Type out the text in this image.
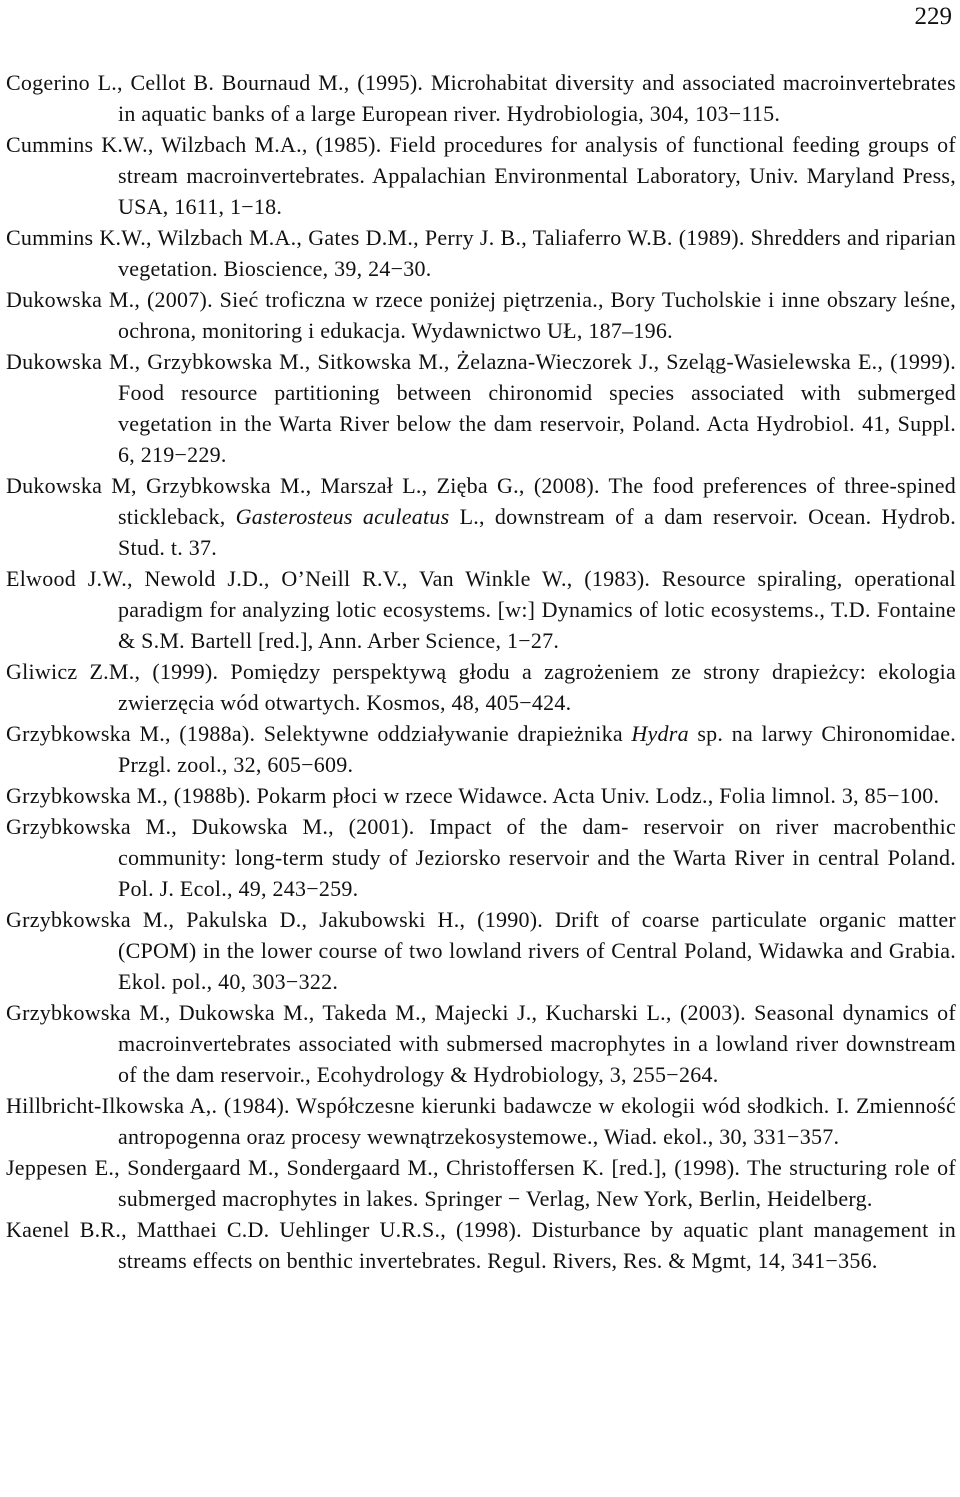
229
Cogerino L., Cellot B. Bournaud M., (1995). Microhabitat diversity and associated macroinvertebrates in aquatic banks of a large European river. Hydrobiologia, 304, 103−115.
Cummins K.W., Wilzbach M.A., (1985). Field procedures for analysis of functional feeding groups of stream macroinvertebrates. Appalachian Environmental Laboratory, Univ. Maryland Press, USA, 1611, 1−18.
Cummins K.W., Wilzbach M.A., Gates D.M., Perry J. B., Taliaferro W.B. (1989). Shredders and riparian vegetation. Bioscience, 39, 24−30.
Dukowska M., (2007). Sieć troficzna w rzece poniżej piętrzenia., Bory Tucholskie i inne obszary leśne, ochrona, monitoring i edukacja. Wydawnictwo UŁ, 187–196.
Dukowska M., Grzybkowska M., Sitkowska M., Żelazna-Wieczorek J., Szeląg-Wasielewska E., (1999). Food resource partitioning between chironomid species associated with submerged vegetation in the Warta River below the dam reservoir, Poland. Acta Hydrobiol. 41, Suppl. 6, 219−229.
Dukowska M, Grzybkowska M., Marszał L., Zięba G., (2008). The food preferences of three-spined stickleback, Gasterosteus aculeatus L., downstream of a dam reservoir. Ocean. Hydrob. Stud. t. 37.
Elwood J.W., Newold J.D., O’Neill R.V., Van Winkle W., (1983). Resource spiraling, operational paradigm for analyzing lotic ecosystems. [w:] Dynamics of lotic ecosystems., T.D. Fontaine & S.M. Bartell [red.], Ann. Arber Science, 1−27.
Gliwicz Z.M., (1999). Pomiędzy perspektywą głodu a zagrożeniem ze strony drapieżcy: ekologia zwierzęcia wód otwartych. Kosmos, 48, 405−424.
Grzybkowska M., (1988a). Selektywne oddziaływanie drapieżnika Hydra sp. na larwy Chironomidae. Przgl. zool., 32, 605−609.
Grzybkowska M., (1988b). Pokarm płoci w rzece Widawce. Acta Univ. Lodz., Folia limnol. 3, 85−100.
Grzybkowska M., Dukowska M., (2001). Impact of the dam- reservoir on river macrobenthic community: long-term study of Jeziorsko reservoir and the Warta River in central Poland. Pol. J. Ecol., 49, 243−259.
Grzybkowska M., Pakulska D., Jakubowski H., (1990). Drift of coarse particulate organic matter (CPOM) in the lower course of two lowland rivers of Central Poland, Widawka and Grabia. Ekol. pol., 40, 303−322.
Grzybkowska M., Dukowska M., Takeda M., Majecki J., Kucharski L., (2003). Seasonal dynamics of macroinvertebrates associated with submersed macrophytes in a lowland river downstream of the dam reservoir., Ecohydrology & Hydrobiology, 3, 255−264.
Hillbricht-Ilkowska A,. (1984). Współczesne kierunki badawcze w ekologii wód słodkich. I. Zmienność antropogenna oraz procesy wewnątrzekosystemowe., Wiad. ekol., 30, 331−357.
Jeppesen E., Sondergaard M., Sondergaard M., Christoffersen K. [red.], (1998). The structuring role of submerged macrophytes in lakes. Springer − Verlag, New York, Berlin, Heidelberg.
Kaenel B.R., Matthaei C.D. Uehlinger U.R.S., (1998). Disturbance by aquatic plant management in streams effects on benthic invertebrates. Regul. Rivers, Res. & Mgmt, 14, 341−356.
